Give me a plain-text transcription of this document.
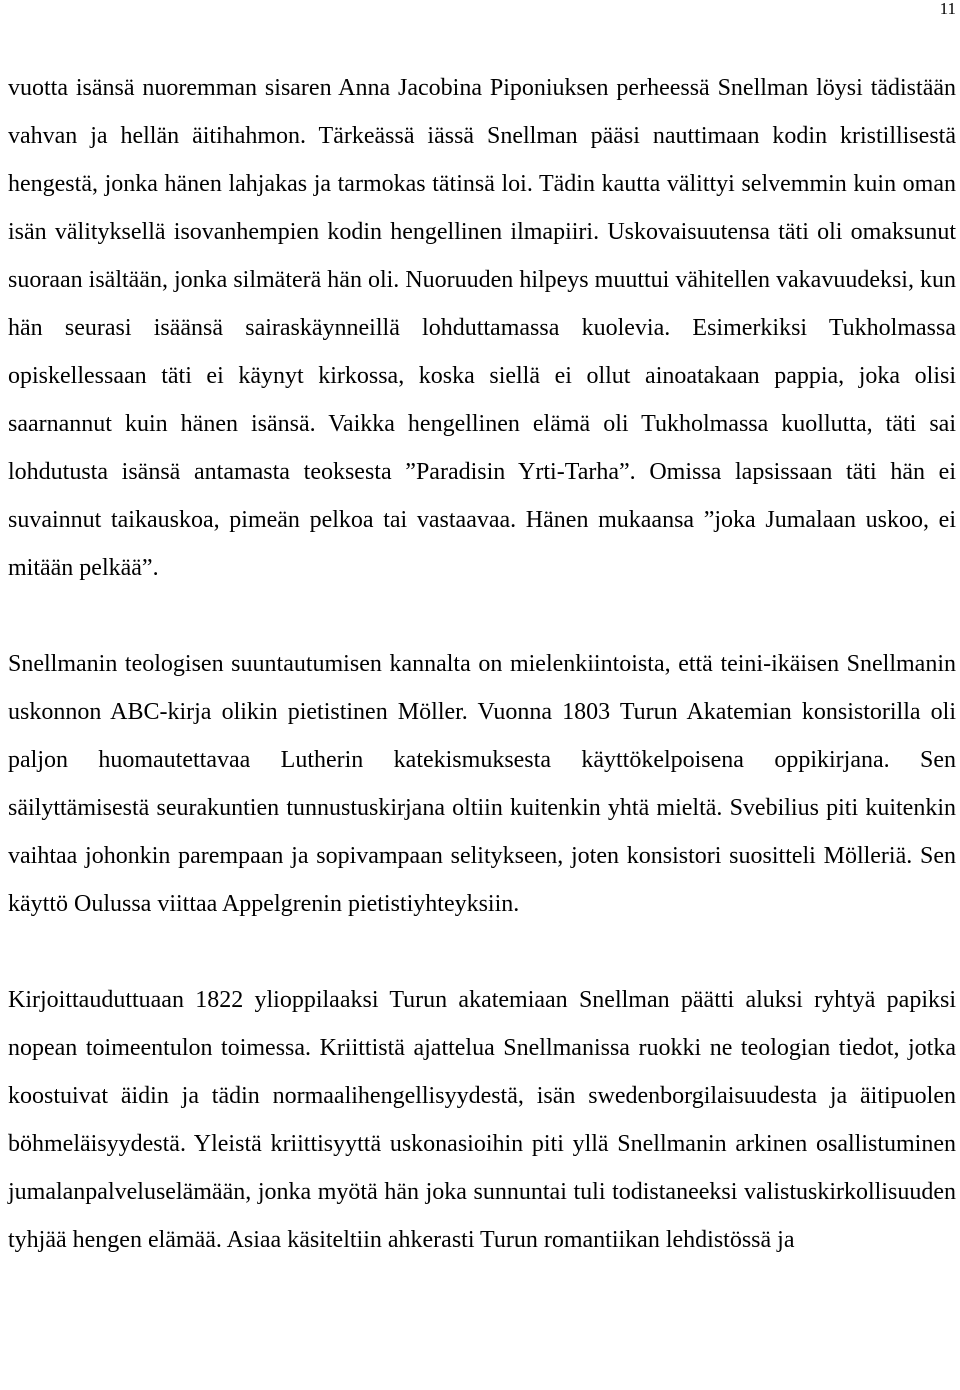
11

vuotta isänsä nuoremman sisaren Anna Jacobina Piponiuksen perheessä Snellman löysi tädistään vahvan ja hellän äitihahmon. Tärkeässä iässä Snellman pääsi nauttimaan kodin kristillisestä hengestä, jonka hänen lahjakas ja tarmokas tätinsä loi. Tädin kautta välittyi selvemmin kuin oman isän välityksellä isovanhempien kodin hengellinen ilmapiiri. Uskovaisuutensa täti oli omaksunut suoraan isältään, jonka silmäterä hän oli. Nuoruuden hilpeys muuttui vähitellen vakavuudeksi, kun hän seurasi isäänsä sairaskäynneillä lohduttamassa kuolevia. Esimerkiksi Tukholmassa opiskellessaan täti ei käynyt kirkossa, koska siellä ei ollut ainoatakaan pappia, joka olisi saarnannut kuin hänen isänsä. Vaikka hengellinen elämä oli Tukholmassa kuollutta, täti sai lohdutusta isänsä antamasta teoksesta ”Paradisin Yrti-Tarha”. Omissa lapsissaan täti hän ei suvainnut taikauskoa, pimeän pelkoa tai vastaavaa. Hänen mukaansa ”joka Jumalaan uskoo, ei mitään pelkää”.

Snellmanin teologisen suuntautumisen kannalta on mielenkiintoista, että teini-ikäisen Snellmanin uskonnon ABC-kirja olikin pietistinen Möller. Vuonna 1803 Turun Akatemian konsistorilla oli paljon huomautettavaa Lutherin katekismuksesta käyttökelpoisena oppikirjana. Sen säilyttämisestä seurakuntien tunnustuskirjana oltiin kuitenkin yhtä mieltä. Svebilius piti kuitenkin vaihtaa johonkin parempaan ja sopivampaan selitykseen, joten konsistori suositteli Mölleriä. Sen käyttö Oulussa viittaa Appelgrenin pietistiyhteyksiin.

Kirjoittauduttuaan 1822 ylioppilaaksi Turun akatemiaan Snellman päätti aluksi ryhtyä papiksi nopean toimeentulon toimessa. Kriittistä ajattelua Snellmanissa ruokki ne teologian tiedot, jotka koostuivat äidin ja tädin normaalihengellisyydestä, isän swedenborgilaisuudesta ja äitipuolen böhmeläisyydestä. Yleistä kriittisyyttä uskonasioihin piti yllä Snellmanin arkinen osallistuminen jumalanpalveluselämään, jonka myötä hän joka sunnuntai tuli todistaneeksi valistuskirkollisuuden tyhjää hengen elämää. Asiaa käsiteltiin ahkerasti Turun romantiikan lehdistössä ja
